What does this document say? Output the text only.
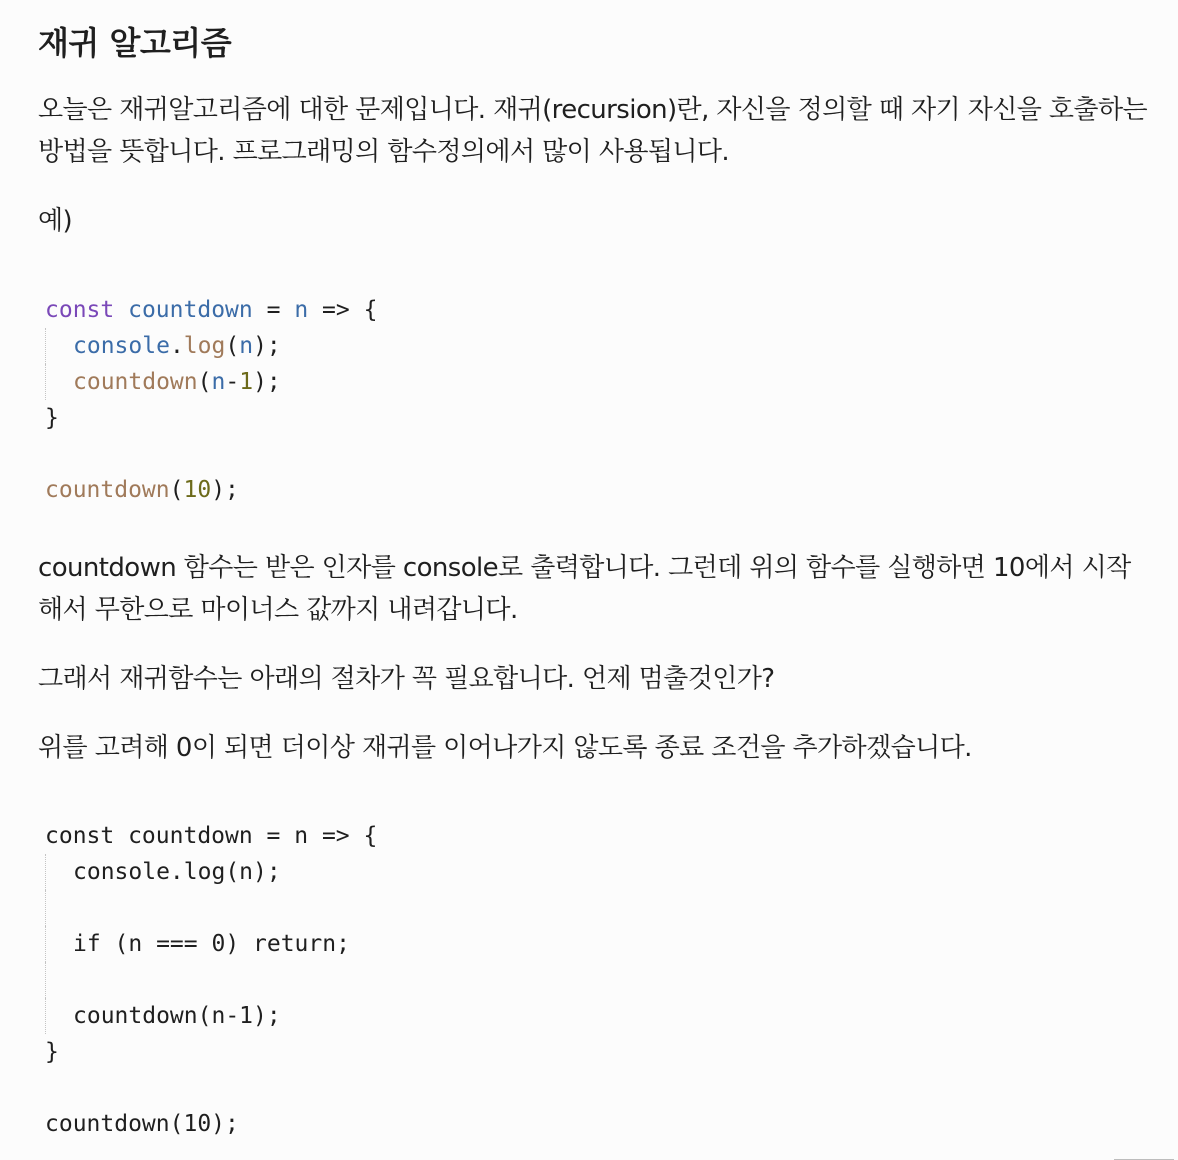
재귀 알고리즘

오늘은 재귀알고리즘에 대한 문제입니다. 재귀(recursion)란, 자신을 정의할 때 자기 자신을 호출하는
방법을 뜻합니다. 프로그래밍의 함수정의에서 많이 사용됩니다.

예)

const countdown = n => {
console.log(n);
countdown(n-1);
}
countdown(10);

countdown 함수는 받은 인자를 console로 출력합니다. 그런데 위의 함수를 실행하면 10에서 시작
해서 무한으로 마이너스 값까지 내려갑니다.

그래서 재귀함수는 아래의 절차가 꼭 필요합니다. 언제 멈출것인가?

위를 고려해 0이 되면 더이상 재귀를 이어나가지 않도록 종료 조건을 추가하겠습니다.

const countdown = n => {
console.log(n);
if (n === 0) return;
countdown(n-1);
}
countdown(10);
